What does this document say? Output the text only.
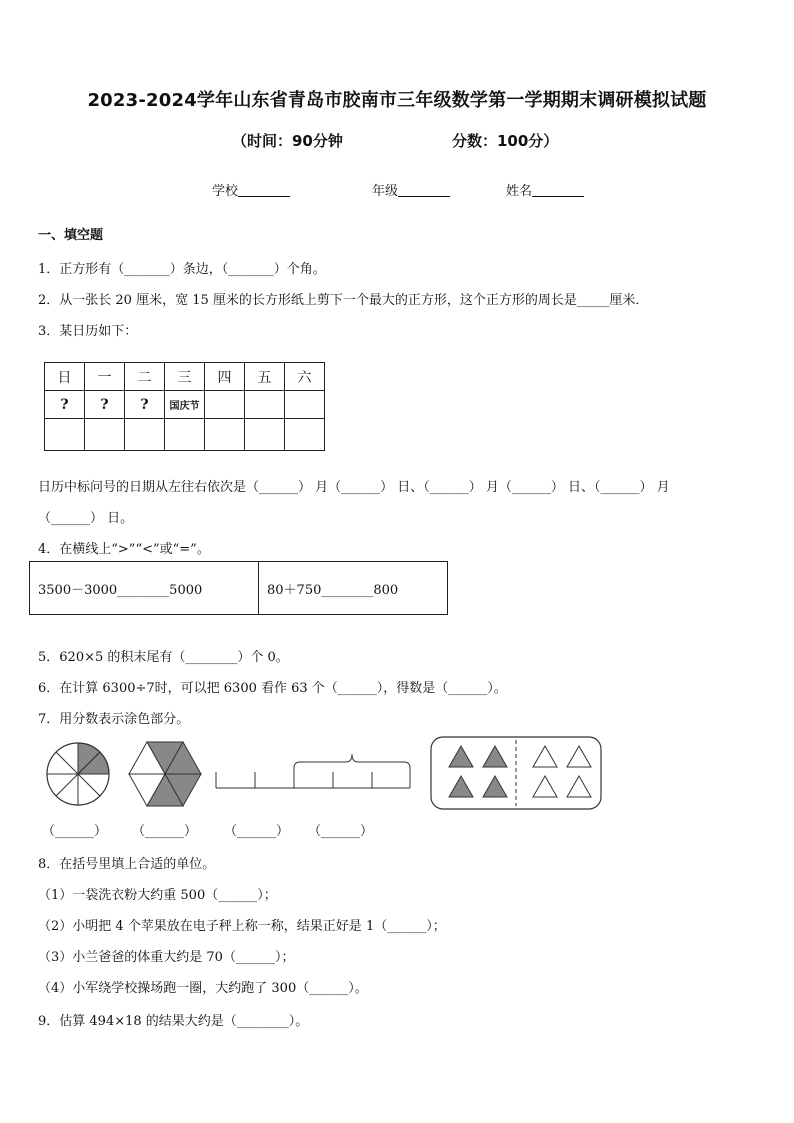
2023-2024学年山东省青岛市胶南市三年级数学第一学期期末调研模拟试题
（时间：90分钟	分数：100分）
学校	年级	姓名
一、填空题
1．正方形有（_______）条边，（_______）个角。
2．从一张长 20 厘米，宽 15 厘米的长方形纸上剪下一个最大的正方形，这个正方形的周长是_____厘米．
3．某日历如下：
日	一	二	三	四	五	六
?	?	?	国庆节			

日历中标问号的日期从左往右依次是（______） 月（______） 日、（______） 月（______） 日、（______） 月
（______） 日。
4．在横线上“>”“<”或“=”。
3500－3000________5000	80＋750________800
5．620×5 的积末尾有（________）个 0。
6．在计算 6300÷7时，可以把 6300 看作 63 个（______），得数是（______）。
7．用分数表示涂色部分。
（______） （______） （______） （______）
8．在括号里填上合适的单位。
（1）一袋洗衣粉大约重 500（______）；
（2）小明把 4 个苹果放在电子秤上称一称，结果正好是 1（______）；
（3）小兰爸爸的体重大约是 70（______）；
（4）小军绕学校操场跑一圈，大约跑了 300（______）。
9．估算 494×18 的结果大约是（________）。
